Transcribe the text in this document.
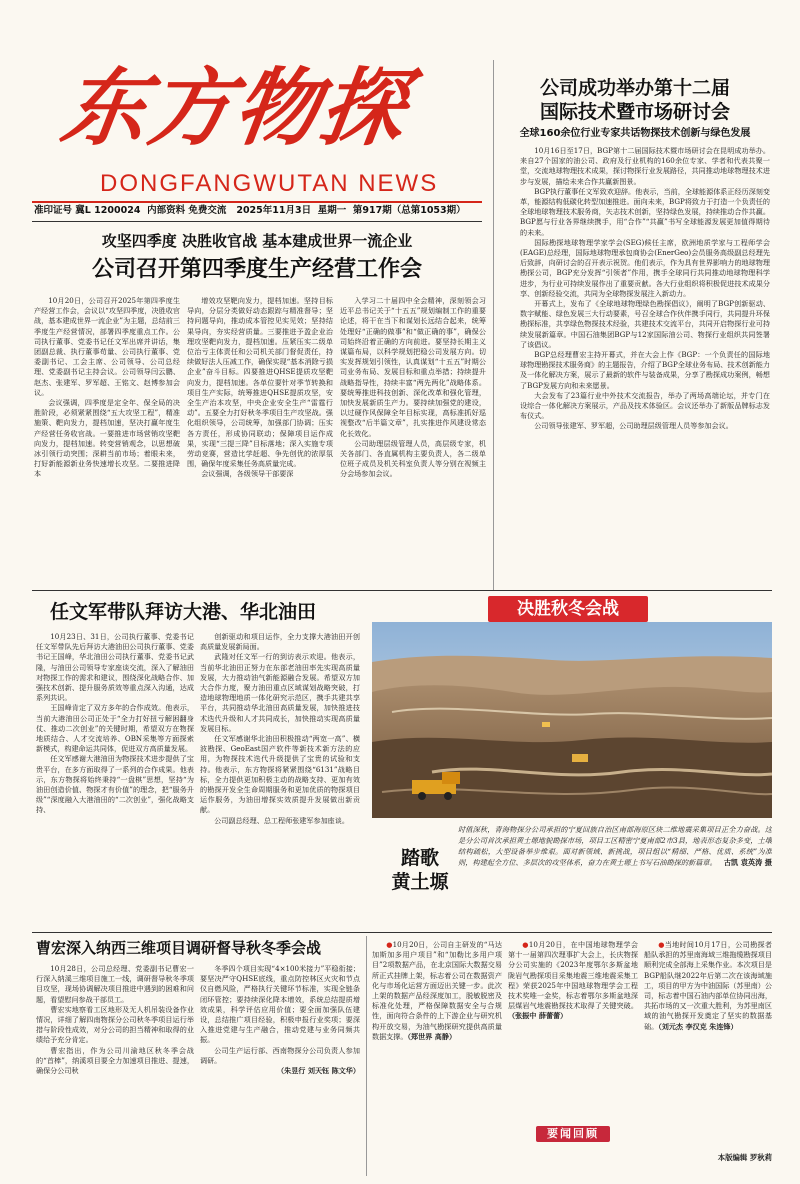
东方物探
DONGFANGWUTAN NEWS
准印证号 冀L 1200024 内部资料 免费交流 2025年11月3日 星期一 第917期（总第1053期）
攻坚四季度 决胜收官战 基本建成世界一流企业
公司召开第四季度生产经营工作会

10月20日，公司召开2025年第四季度生产经营工作会，会议以“攻坚四季度，决胜收官战，基本建成世界一流企业”为主题，总结前三季度生产经营情况，部署四季度重点工作。公司执行董事、党委书记任文军出席并讲话，集团副总裁、执行董事苟量、公司执行董事、党委副书记、工会主席、公司领导、公司总经理、党委副书记主持会议。公司领导闫云鹏、赵杰、张建军、罗军超、王铭文、赵博参加会议。

会议强调，四季度是定全年、保全局的决胜阶段，必须紧紧围绕“五大攻坚工程”，精准施策、靶向发力，提档加速，坚决打赢年度生产经营任务收官战。一要推进市场营销攻坚靶向发力，提档加速。转变营销观念，以思想破冰引领行动突围；深耕当前市场；着眼未来，打好新能源新业务快速增长攻坚。二要推进降本

增效攻坚靶向发力，提档加速。坚持目标导向，分层分类做好动态跟踪与精准督导；坚持问题导向，推动成本管控见实见效；坚持结果导向，夯实经营质量。三要推进予盈企业治理攻坚靶向发力，提档加速。压紧压实二级单位治亏主体责任和公司机关部门督促责任，持续做好法人压减工作，确保实现“基本消除亏损企业”奋斗目标。四要推进QHSE提质攻坚靶向发力，提档加速。各单位要针对季节转换和项目生产实际，统筹推进QHSE提质攻坚，安全生产治本攻坚，中央企业安全生产“雷霆行动”。五要全力打好秋冬季项目生产攻坚战。强化组织领导，公司统筹，加强部门协调；压实各方责任，形成协同联动；保障项目运作成果，实现“三提三降”目标落地；深入实施专项劳动竞赛，营造比学赶超、争先创优的浓厚氛围，确保年度采集任务高质量完成。

会议强调，各级领导干部要深

入学习二十届四中全会精神，深刻领会习近平总书记关于“十五五”规划编制工作的重要论述，将干在当下和谋划长远结合起来，统筹处理好“正确的做事”和“做正确的事”，确保公司始终沿着正确的方向前进。要坚持长期主义谋篇布局，以科学规划把稳公司发展方向。切实发挥规划引领性，认真谋划“十五五”时期公司业务布局、发展目标和重点举措；持续提升战略指导性，持续丰富“两先两化”战略体系。要统筹推进科技创新、深化改革和强化管理，加快发展新质生产力。要持续加强党的建设，以过硬作风保障全年目标实现，高标准抓好巡视整改“后半篇文章”，扎实推进作风建设常态化长效化。

公司助理层级管理人员，高层级专家，机关各部门、各直属机构主要负责人，各二级单位班子成员及机关科室负责人等分别在视频主分会场参加会议。

公司成功举办第十二届
国际技术暨市场研讨会
全球160余位行业专家共话物探技术创新与绿色发展

10月16日至17日，BGP第十二届国际技术暨市场研讨会在昆明成功举办。来自27个国家的油公司、政府及行业机构的160余位专家、学者和代表共聚一堂，交流地球物理技术成果，探讨物探行业发展路径，共同推动地球物理技术进步与发展，描绘未来合作共赢新图景。

BGP执行董事任文军致欢迎辞。他表示，当前，全球能源体系正经历深刻变革，能源结构低碳化转型加速推进。面向未来，BGP将致力于打造一个负责任的全球地球物理技术服务商，矢志技术创新，坚持绿色发展，持续推动合作共赢。BGP愿与行业各界继续携手，用“合作”“共赢”书写全球能源发展更加值得期待的未来。

国际勘探地球物理学家学会(SEG)候任主席，欧洲地质学家与工程师学会(EAGE)总经理，国际地球物理承包商协会(EnerGeo)会员服务高级副总经理先后致辞，向研讨会的召开表示祝贺。他们表示，作为具有世界影响力的地球物理勘探公司，BGP充分发挥“引领者”作用，携手全球同行共同推动地球物理科学进步，为行业可持续发展作出了重要贡献。各大行业组织将积极促进技术成果分享、创新经验交流，共同为全球物探发展注入新动力。

开幕式上，发布了《全球地球物理绿色勘探倡议》，阐明了BGP创新驱动、数字赋能、绿色发展三大行动要素，号召全球合作伙伴携手同行，共同提升环保勘探标准，共享绿色物探技术经验，共建技术交流平台，共同开启物探行业可持续发展新篇章。中国石油集团BGP与12家国际油公司、物探行业组织共同签署了该倡议。

BGP总经理曹宏主持开幕式，并在大会上作《BGP：一个负责任的国际地球物理勘探技术服务商》的主题报告，介绍了BGP全球业务布局、技术创新能力及一体化解决方案，展示了最新的软件与装备成果，分享了勘探成功案例，畅想了BGP发展方向和未来愿景。

大会发布了23篇行业中外技术交流报告，举办了两场高端论坛，并专门在设综合一体化解决方案展示，产品及技术体验区。会议还举办了新版品牌标志发布仪式。

公司领导张建军、罗军超，公司助理层级管理人员等参加会议。

任文军带队拜访大港、华北油田

10月23日、31日，公司执行董事、党委书记任文军带队先后拜访大港油田公司执行董事、党委书记王国峰，华北油田公司执行董事、党委书记武隆，与油田公司领导专家座谈交流，深入了解油田对物探工作的需求和建议，围绕深化战略合作、加强技术创新、提升服务质效等重点深入沟通，达成系列共识。

王国峰肯定了双方多年的合作成效。他表示，当前大港油田公司正处于“全力打好扭亏解困翻身仗、推动二次创业”的关键时期，希望双方在物探地质结合、人才交流培养、OBN采集等方面探索新模式，构建命运共同体，促进双方高质量发展。

任文军感谢大港油田为物探技术进步提供了宝贵平台，在多方面取得了一系列的合作成果。他表示，东方物探将始终秉持“一盘棋”思想，坚持“为油田创造价值、物探才有价值”的理念，把“服务升级”“深度融入大港油田的“二次创业”，强化战略支持、

创新驱动和项目运作，全力支撑大港油田开创高质量发展新局面。

武隆对任文军一行的到访表示欢迎。他表示，当前华北油田正努力在东部老油田率先实现高质量发展，大力推动油气新能源融合发展。希望双方加大合作力度，聚力油田重点区域谋划战略突破，打造地球物理地质一体化研究示范区，携手共建共享平台，共同推动华北油田高质量发展，加快推进技术迭代升级和人才共同成长，加快推动实现高质量发展目标。

任文军感谢华北油田积极推动“两宽一高”、横波勘探、GeoEast国产软件等新技术新方法的应用，为物探技术迭代升级提供了宝贵的试验和支持。他表示，东方物探将紧紧围绕“6131”战略目标，全力提供更加积极主动的战略支持、更加有效的勘探开发全生命周期服务和更加优质的物探项目运作服务，为油田增探实效质提升发展做出新贡献。

公司副总经理、总工程师张建军参加座谈。

决胜秋冬会战
踏歌
黄土塬
时值深秋，青海物探分公司承担的宁夏回族自治区南部海原区块二维地震采集项目正全力奋战。这是分公司首次承担黄土塬地貌勘探市场，项目工区精密宁夏南部2市3县，地表形态复杂多变，土壤结构疏松，大型设备举步维艰。面对新领域、新挑战，项目组以“精细、严格、优质、系统”为准则，构建起全方位、多层次的攻坚体系，奋力在黄土塬上书写石油勘探的新篇章。 古凯 袁英涛 摄
曹宏深入纳西三维项目调研督导秋冬季会战

10月28日，公司总经理、党委副书记曹宏一行深入纳溪三维项目施工一线，调研督导秋冬季项目攻坚，现场协调解决项目推进中遇到的困难和问题，看望慰问参战干部员工。

曹宏实地察看工区地形及无人机吊装设备作业情况，详细了解四南物探分公司秋冬季项目运行举措与阶段性成效，对分公司的担当精神和取得的业绩给予充分肯定。

曹宏指出，作为公司川渝地区秋冬季会战的“首棒”，纳溪项目要全力加速项目推进、提速，确保分公司秋

冬季四个项目实现“4×100米接力”平稳衔接；要坚决严守QHSE底线，重点防控林区火灾和节点仪自燃风险，严格执行关键环节标准，实现全链条闭环管控；要持续深化降本增效，系统总结提质增效成果，科学评估应用价值；要全面加强队伍建设，总结推广项目经验，积极申报行业奖项；要深入推进党建与生产融合，推动党建与业务同频共振。

公司生产运行部、西南物探分公司负责人参加调研。

（朱昱行 刘天钰 陈文华）

●10月20日，公司自主研发的“马达加斯加多用户项目”和“加勒比多用户项目”2项数据产品，在北京国际大数据交易所正式挂牌上架，标志着公司在数据资产化与市场化运营方面迈出关键一步。此次上架的数据产品经深度加工，脱敏脱密及标准化处理，严格保障数据安全与合规性，面向符合条件的上下游企业与研究机构开放交易，为油气勘探研究提供高质量数据支撑。（郑世界 高静）

●10月20日，在中国地球物理学会第十一届第四次理事扩大会上，长庆物探分公司实施的《2023年度鄂尔多斯盆地陇岩气勘探项目采集地震三维地震采集工程》荣获2025年中国地球物理学会工程技术奖唯一金奖，标志着鄂尔多斯盆地深层煤岩气地震勘探技术取得了关键突破。（张振中 薛蕾蕾）

要闻回顾

●当地时间10月17日，公司勘探者船队承担的苏里南海域三维拖缆勘探项目顺利完成全部海上采集作业。本次项目是BGP船队继2022年后第二次在该海域施工，项目的甲方为中油国际（苏里南）公司，标志着中国石油内部单位协同出海，共拓市场的又一次重大胜利，为苏里南区域的油气勘探开发奠定了坚实的数据基础。（刘元杰 李汉克 朱连锋）

本版编辑 罗秋莉
